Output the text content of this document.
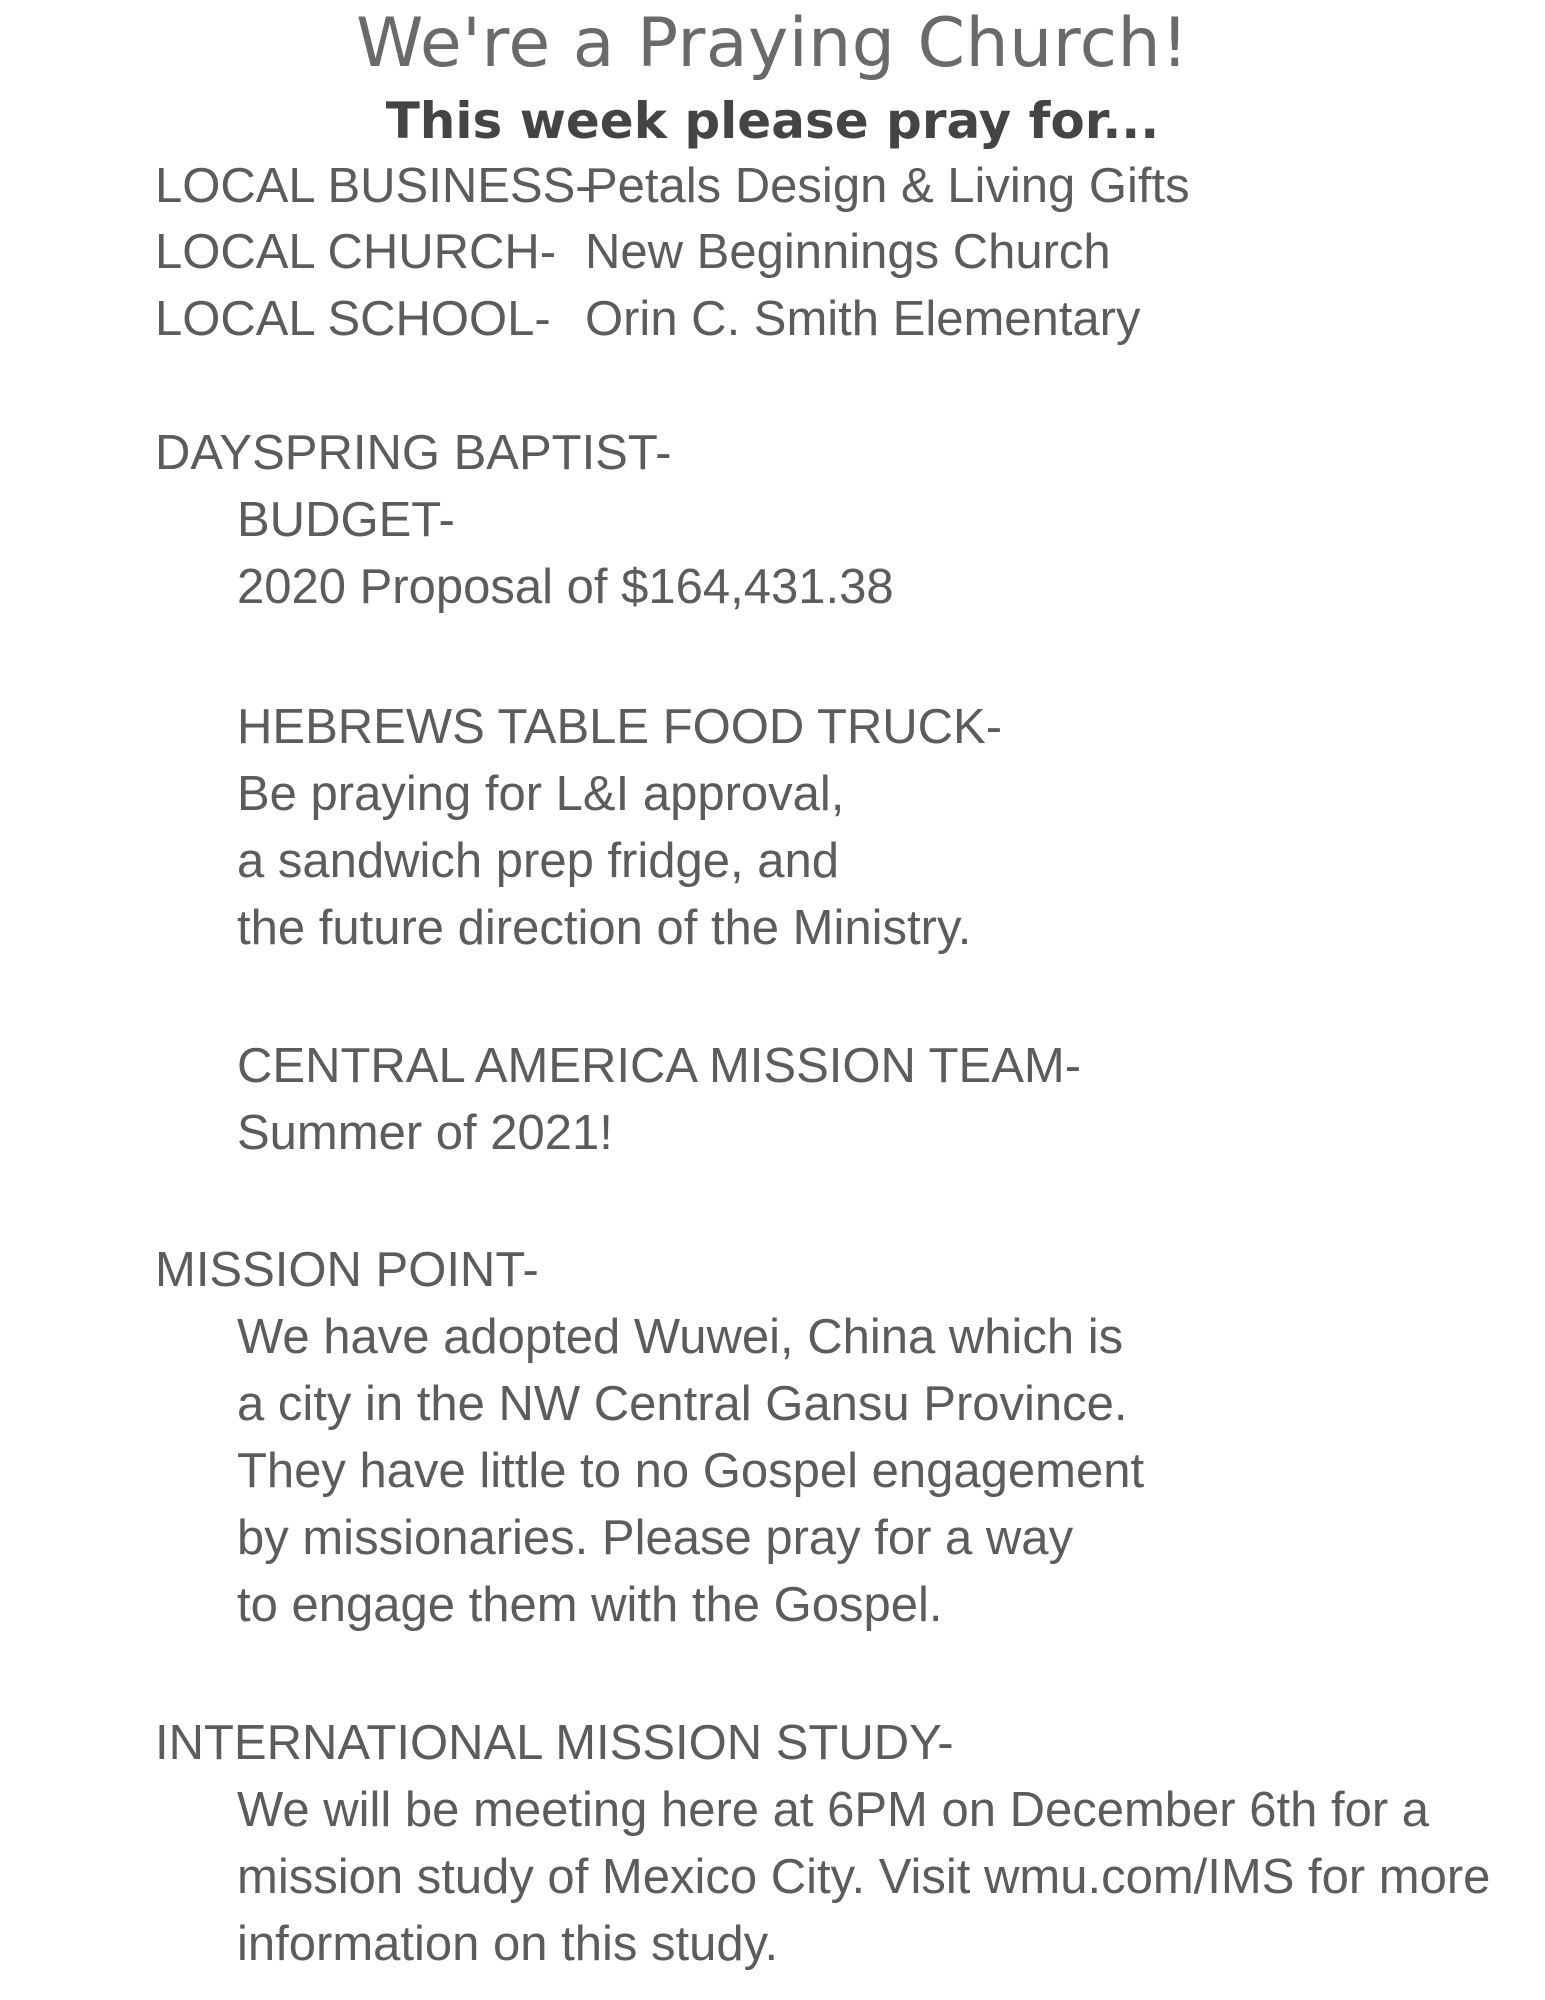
We're a Praying Church!
This week please pray for...
LOCAL BUSINESS-
Petals Design & Living Gifts
LOCAL CHURCH- New Beginnings Church
LOCAL SCHOOL- Orin C. Smith Elementary
DAYSPRING BAPTIST-
BUDGET-
2020 Proposal of $164,431.38
HEBREWS TABLE FOOD TRUCK-
Be praying for L&I approval,
a sandwich prep fridge, and
the future direction of the Ministry.
CENTRAL AMERICA MISSION TEAM-
Summer of 2021!
MISSION POINT-
We have adopted Wuwei, China which is
a city in the NW Central Gansu Province.
They have little to no Gospel engagement
by missionaries. Please pray for a way
to engage them with the Gospel.
INTERNATIONAL MISSION STUDY-
We will be meeting here at 6PM on December 6th for a
mission study of Mexico City. Visit wmu.com/IMS for more
information on this study.
